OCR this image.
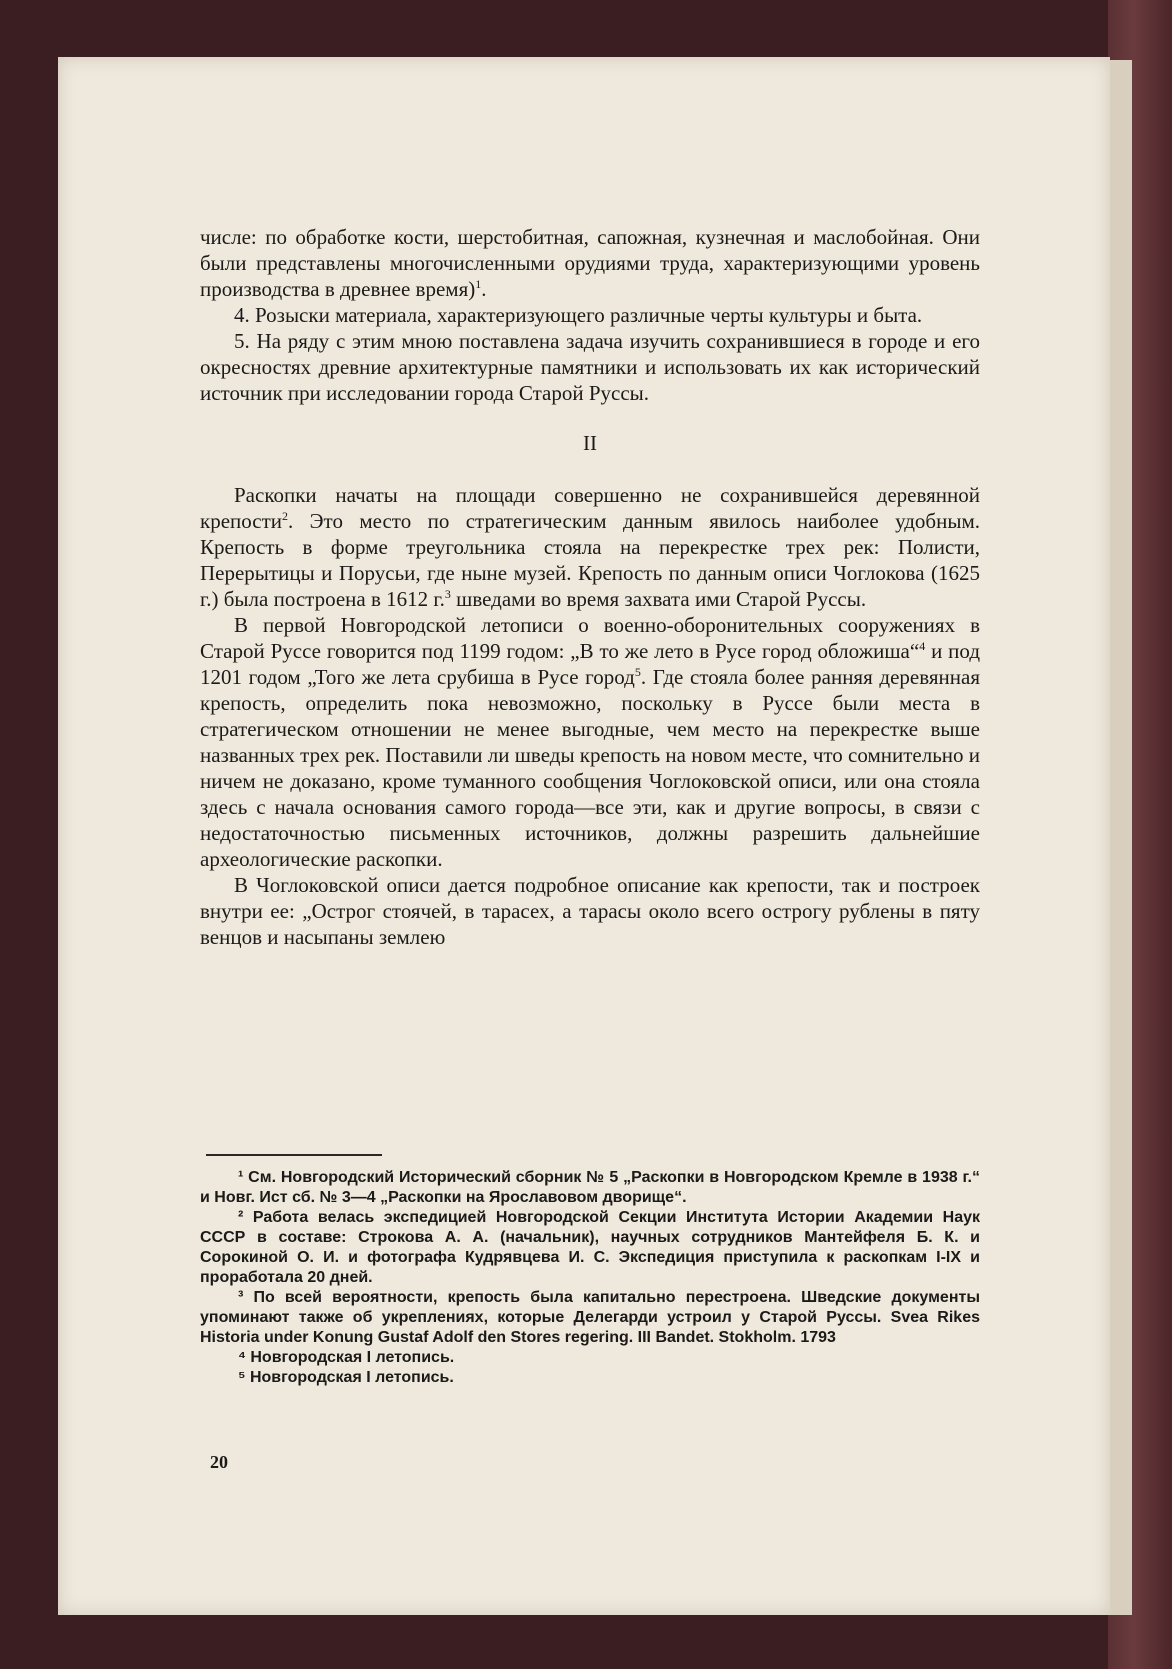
числе: по обработке кости, шерстобитная, сапожная, кузнечная и маслобойная. Они были представлены многочисленными орудиями труда, характеризующими уровень производства в древнее время)$^1$.

4. Розыски материала, характеризующего различные черты культуры и быта.

5. На ряду с этим мною поставлена задача изучить сохранившиеся в городе и его окресностях древние архитектурные памятники и использовать их как исторический источник при исследовании города Старой Руссы.

II

Раскопки начаты на площади совершенно не сохранившейся деревянной крепости$^2$. Это место по стратегическим данным явилось наиболее удобным. Крепость в форме треугольника стояла на перекрестке трех рек: Полисти, Перерытицы и Порусьи, где ныне музей. Крепость по данным описи Чоглокова (1625 г.) была построена в 1612 г.$^3$ шведами во время захвата ими Старой Руссы.

В первой Новгородской летописи о военно-оборонительных сооружениях в Старой Руссе говорится под 1199 годом: „В то же лето в Русе город обложиша“$^4$ и под 1201 годом „Того же лета срубиша в Русе город$^5$. Где стояла более ранняя деревянная крепость, определить пока невозможно, поскольку в Руссе были места в стратегическом отношении не менее выгодные, чем место на перекрестке выше названных трех рек. Поставили ли шведы крепость на новом месте, что сомнительно и ничем не доказано, кроме туманного сообщения Чоглоковской описи, или она стояла здесь с начала основания самого города—все эти, как и другие вопросы, в связи с недостаточностью письменных источников, должны разрешить дальнейшие археологические раскопки.

В Чоглоковской описи дается подробное описание как крепости, так и построек внутри ее: „Острог стоячей, в тарасех, а тарасы около всего острогу рублены в пяту венцов и насыпаны землею

¹ См. Новгородский Исторический сборник № 5 „Раскопки в Новгородском Кремле в 1938 г.“ и Новг. Ист сб. № 3—4 „Раскопки на Ярославовом дворище“.

² Работа велась экспедицией Новгородской Секции Института Истории Академии Наук СССР в составе: Строкова А. А. (начальник), научных сотрудников Мантейфеля Б. К. и Сорокиной О. И. и фотографа Кудрявцева И. С. Экспедиция приступила к раскопкам I-IX и проработала 20 дней.

³ По всей вероятности, крепость была капитально перестроена. Шведские документы упоминают также об укреплениях, которые Делегарди устроил у Старой Руссы. Svea Rikes Historia under Konung Gustaf Adolf den Stores regering. III Bandet. Stokholm. 1793

⁴ Новгородская I летопись.

⁵ Новгородская I летопись.

20
